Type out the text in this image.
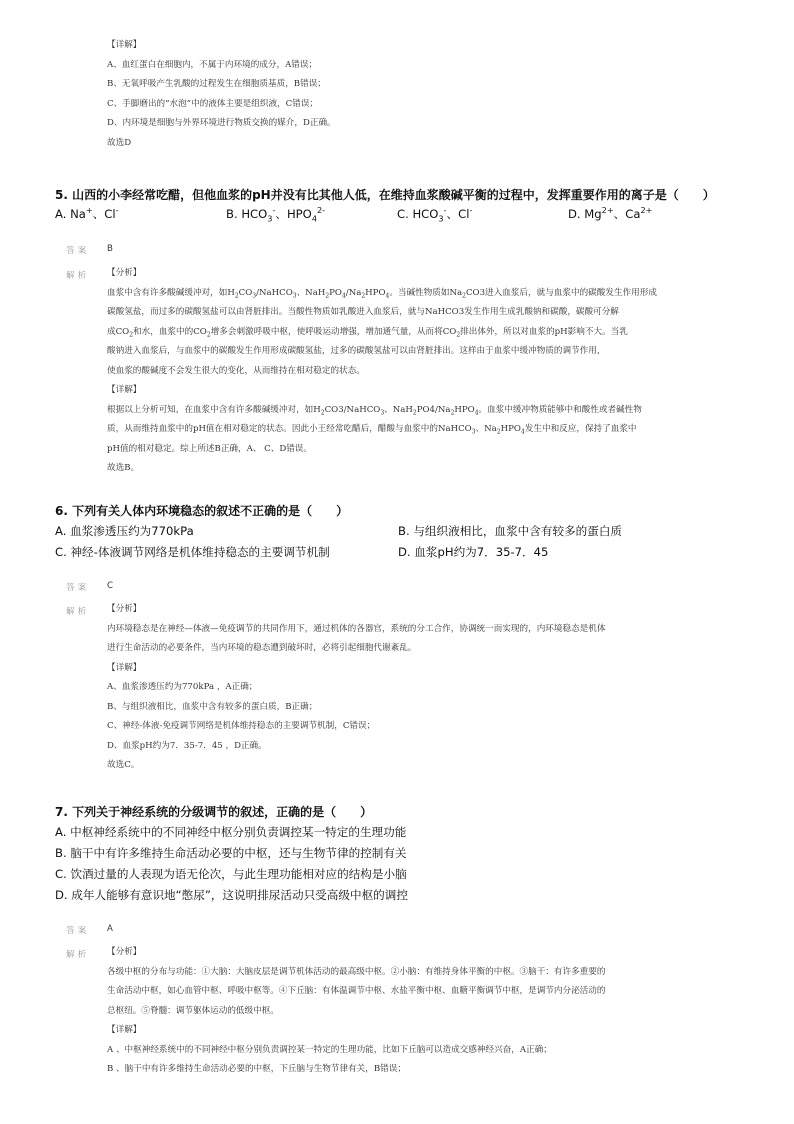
【详解】
A、血红蛋白在细胞内，不属于内环境的成分，A错误；
B、无氧呼吸产生乳酸的过程发生在细胞质基质，B错误；
C、手脚磨出的“水泡”中的液体主要是组织液，C错误；
D、内环境是细胞与外界环境进行物质交换的媒介，D正确。
故选D
5. 山西的小李经常吃醋，但他血浆的pH并没有比其他人低，在维持血浆酸碱平衡的过程中，发挥重要作用的离子是（　　）
A. Na+、Cl-	B. $HCO_3^-$、$HPO_4^{2-}$	C. $HCO_3^-$、Cl-	D. $Mg^{2+}$、$Ca^{2+}$
答案 B
解析 【分析】
血浆中含有许多酸碱缓冲对，如$H_2CO_3/NaHCO_3$、$NaH_2PO_4/Na_2HPO_4$。当碱性物质如$Na_2CO3$进入血浆后，就与血浆中的碳酸发生作用形成
碳酸氢盐，而过多的碳酸氢盐可以由肾脏排出。当酸性物质如乳酸进入血浆后，就与NaHCO3发生作用生成乳酸钠和碳酸，碳酸可分解
成$CO_2$和水，血浆中的$CO_2$增多会刺激呼吸中枢，使呼吸运动增强，增加通气量，从而将$CO_2$排出体外，所以对血浆的pH影响不大。当乳
酸钠进入血浆后，与血浆中的碳酸发生作用形成碳酸氢盐，过多的碳酸氢盐可以由肾脏排出。这样由于血浆中缓冲物质的调节作用，
使血浆的酸碱度不会发生很大的变化，从而维持在相对稳定的状态。
【详解】
根据以上分析可知，在血浆中含有许多酸碱缓冲对，如$H_2CO3/NaHCO_3$、$NaH_2PO4/Na_2HPO_4$。血浆中缓冲物质能够中和酸性或者碱性物
质，从而维持血浆中的pH值在相对稳定的状态。因此小王经常吃醋后，醋酸与血浆中的NaHCO$_3$、$Na_2HPO_4$发生中和反应，保持了血浆中
pH值的相对稳定。综上所述B正确，A、 C、D错误。
故选B。
6. 下列有关人体内环境稳态的叙述不正确的是（　　）
A. 血浆渗透压约为770kPa	B. 与组织液相比，血浆中含有较多的蛋白质
C. 神经-体液调节网络是机体维持稳态的主要调节机制	D. 血浆pH约为7．35-7．45
答案 C
解析 【分析】
内环境稳态是在神经—体液—免疫调节的共同作用下，通过机体的各器官，系统的分工合作，协调统一而实现的，内环境稳态是机体
进行生命活动的必要条件，当内环境的稳态遭到破坏时，必将引起细胞代谢紊乱。
【详解】
A、血浆渗透压约为770kPa ，A正确；
B、与组织液相比，血浆中含有较多的蛋白质，B正确；
C、神经-体液-免疫调节网络是机体维持稳态的主要调节机制，C错误；
D、血浆pH约为7．35-7．45 ，D正确。
故选C。
7. 下列关于神经系统的分级调节的叙述，正确的是（　　）
A. 中枢神经系统中的不同神经中枢分别负责调控某一特定的生理功能
B. 脑干中有许多维持生命活动必要的中枢，还与生物节律的控制有关
C. 饮酒过量的人表现为语无伦次，与此生理功能相对应的结构是小脑
D. 成年人能够有意识地“憋尿”，这说明排尿活动只受高级中枢的调控
答案 A
解析 【分析】
各级中枢的分布与功能：①大脑：大脑皮层是调节机体活动的最高级中枢。②小脑：有维持身体平衡的中枢。③脑干：有许多重要的
生命活动中枢，如心血管中枢、呼吸中枢等。④下丘脑：有体温调节中枢、水盐平衡中枢、血糖平衡调节中枢，是调节内分泌活动的
总枢纽。⑤脊髓：调节躯体运动的低级中枢。
【详解】
A 、中枢神经系统中的不同神经中枢分别负责调控某一特定的生理功能，比如下丘脑可以造成交感神经兴奋，A正确；
B 、脑干中有许多维持生命活动必要的中枢，下丘脑与生物节律有关，B错误；
